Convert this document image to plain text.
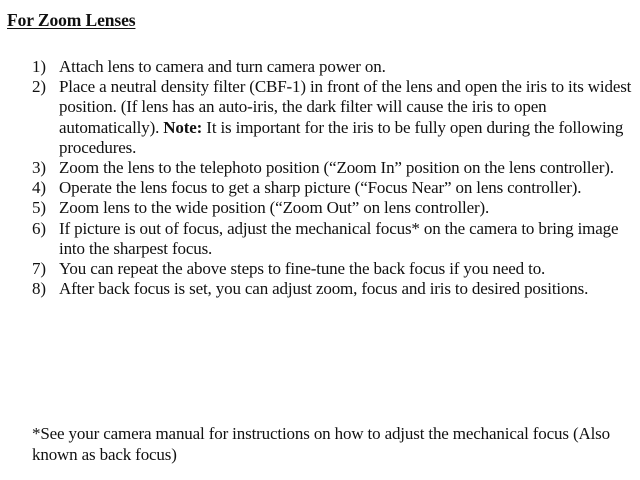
For Zoom Lenses
1) Attach lens to camera and turn camera power on.
2) Place a neutral density filter (CBF-1) in front of the lens and open the iris to its widest position. (If lens has an auto-iris, the dark filter will cause the iris to open automatically). Note: It is important for the iris to be fully open during the following procedures.
3) Zoom the lens to the telephoto position (“Zoom In” position on the lens controller).
4) Operate the lens focus to get a sharp picture (“Focus Near” on lens controller).
5) Zoom lens to the wide position (“Zoom Out” on lens controller).
6) If picture is out of focus, adjust the mechanical focus* on the camera to bring image into the sharpest focus.
7) You can repeat the above steps to fine-tune the back focus if you need to.
8) After back focus is set, you can adjust zoom, focus and iris to desired positions.
*See your camera manual for instructions on how to adjust the mechanical focus (Also known as back focus)
